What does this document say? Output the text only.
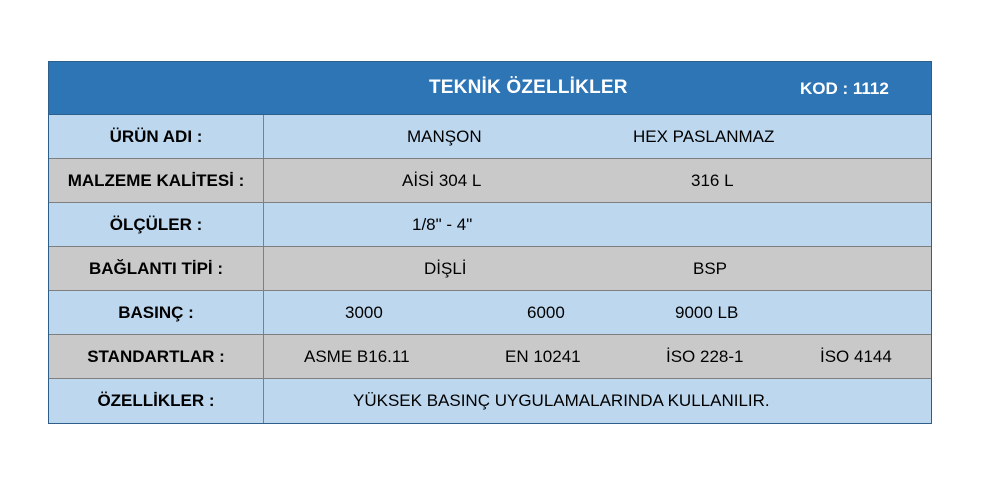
TEKNİK ÖZELLİKLER	KOD : 1112
ÜRÜN ADI :	MANŞON	HEX PASLANMAZ
MALZEME KALİTESİ :	AİSİ 304 L	316 L
ÖLÇÜLER :	1/8" - 4"
BAĞLANTI TİPİ :	DİŞLİ	BSP
BASINÇ :	3000	6000	9000 LB
STANDARTLAR :	ASME B16.11	EN 10241	İSO 228-1	İSO 4144
ÖZELLİKLER :	YÜKSEK BASINÇ UYGULAMALARINDA KULLANILIR.
